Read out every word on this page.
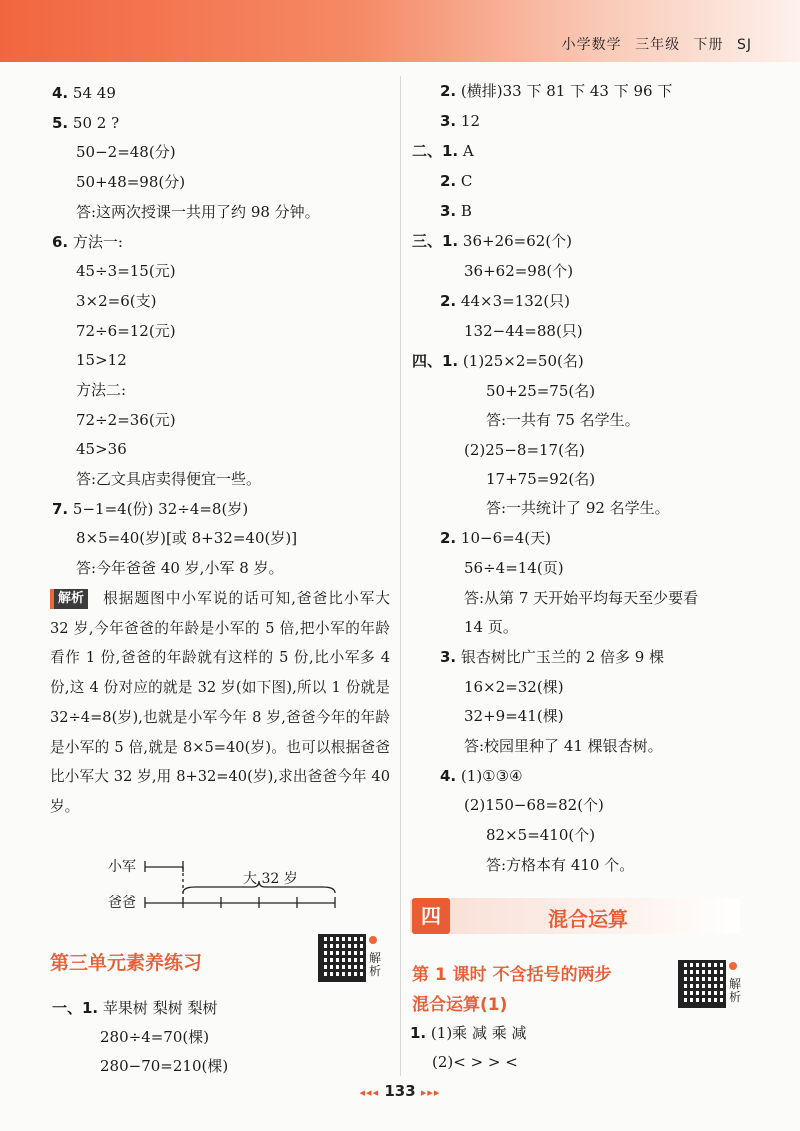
小学数学 三年级 下册 SJ
4. 54 49
5. 50 2 ?
50−2=48(分)
50+48=98(分)
答:这两次授课一共用了约 98 分钟。
6. 方法一:
45÷3=15(元)
3×2=6(支)
72÷6=12(元)
15>12
方法二:
72÷2=36(元)
45>36
答:乙文具店卖得便宜一些。
7. 5−1=4(份) 32÷4=8(岁)
8×5=40(岁)[或 8+32=40(岁)]
答:今年爸爸 40 岁,小军 8 岁。
解析 根据题图中小军说的话可知,爸爸比小军大 32 岁,今年爸爸的年龄是小军的 5 倍,把小军的年龄看作 1 份,爸爸的年龄就有这样的 5 份,比小军多 4 份,这 4 份对应的就是 32 岁(如下图),所以 1 份就是 32÷4=8(岁),也就是小军今年 8 岁,爸爸今年的年龄是小军的 5 倍,就是 8×5=40(岁)。也可以根据爸爸比小军大 32 岁,用 8+32=40(岁),求出爸爸今年 40 岁。
小军
爸爸
大 32 岁
第三单元素养练习	解析
一、1. 苹果树 梨树 梨树
280÷4=70(棵)
280−70=210(棵)
2. (横排)33 下 81 下 43 下 96 下
3. 12
二、1. A
2. C
3. B
三、1. 36+26=62(个)
36+62=98(个)
2. 44×3=132(只)
132−44=88(只)
四、1. (1)25×2=50(名)
50+25=75(名)
答:一共有 75 名学生。
(2)25−8=17(名)
17+75=92(名)
答:一共统计了 92 名学生。
2. 10−6=4(天)
56÷4=14(页)
答:从第 7 天开始平均每天至少要看
14 页。
3. 银杏树比广玉兰的 2 倍多 9 棵
16×2=32(棵)
32+9=41(棵)
答:校园里种了 41 棵银杏树。
4. (1)①③④
(2)150−68=82(个)
82×5=410(个)
答:方格本有 410 个。
四	混合运算
第 1 课时 不含括号的两步
混合运算(1)
解析
1. (1)乘 减 乘 减
(2)< > > <
◂◂◂ 133 ▸▸▸
